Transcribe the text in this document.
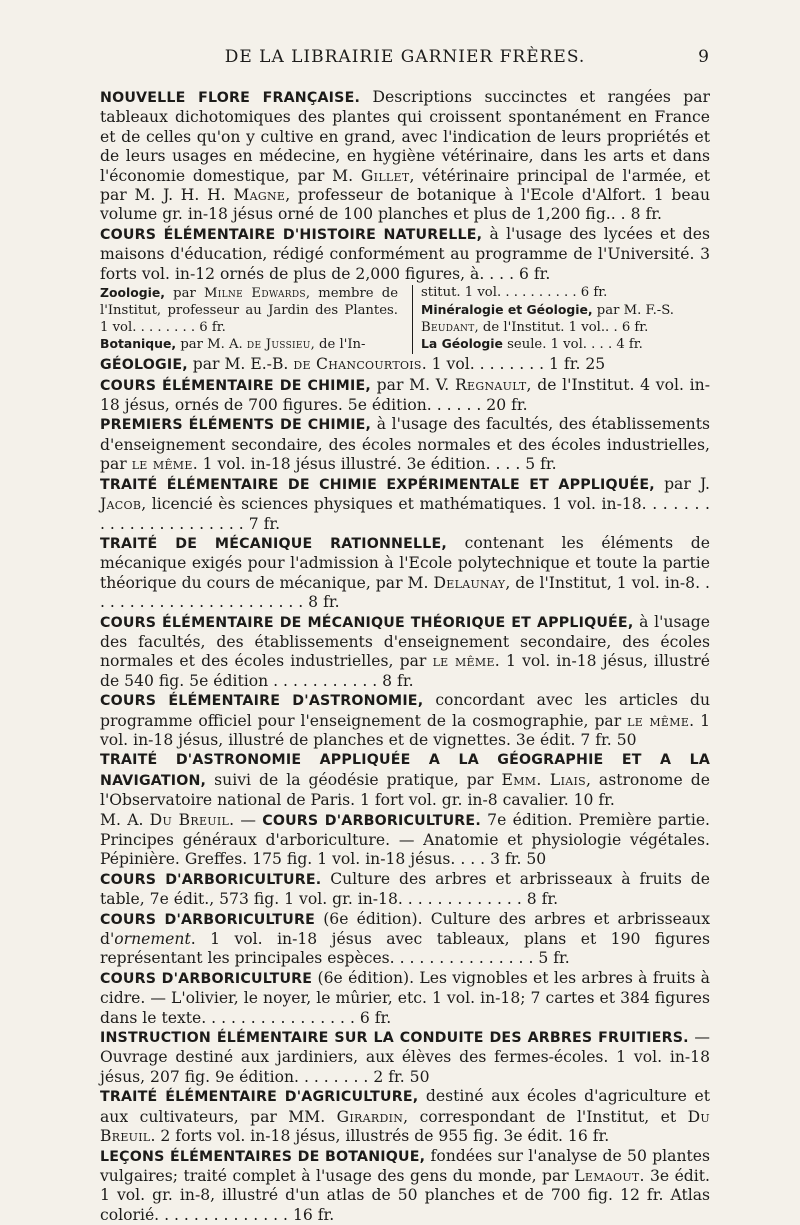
DE LA LIBRAIRIE GARNIER FRÈRES.	9

NOUVELLE FLORE FRANÇAISE. Descriptions succinctes et rangées par tableaux dichotomiques des plantes qui croissent spontanément en France et de celles qu'on y cultive en grand, avec l'indication de leurs propriétés et de leurs usages en médecine, en hygiène vétérinaire, dans les arts et dans l'économie domestique, par M. Gillet, vétérinaire principal de l'armée, et par M. J. H. H. Magne, professeur de botanique à l'Ecole d'Alfort. 1 beau volume gr. in-18 jésus orné de 100 planches et plus de 1,200 fig.. . 8 fr.

COURS ÉLÉMENTAIRE D'HISTOIRE NATURELLE, à l'usage des lycées et des maisons d'éducation, rédigé conformément au programme de l'Université. 3 forts vol. in-12 ornés de plus de 2,000 figures, à. . . . 6 fr.

Zoologie, par Milne Edwards, membre de l'Institut, professeur au Jardin des Plantes. 1 vol. . . . . . . . 6 fr.

Botanique, par M. A. de Jussieu, de l'In-

stitut. 1 vol. . . . . . . . . . 6 fr.

Minéralogie et Géologie, par M. F.-S.

Beudant, de l'Institut. 1 vol.. . 6 fr.

La Géologie seule. 1 vol. . . . 4 fr.

GÉOLOGIE, par M. E.-B. de Chancourtois. 1 vol. . . . . . . . 1 fr. 25

COURS ÉLÉMENTAIRE DE CHIMIE, par M. V. Regnault, de l'Institut. 4 vol. in-18 jésus, ornés de 700 figures. 5e édition. . . . . . 20 fr.

PREMIERS ÉLÉMENTS DE CHIMIE, à l'usage des facultés, des établissements d'enseignement secondaire, des écoles normales et des écoles industrielles, par le même. 1 vol. in-18 jésus illustré. 3e édition. . . . 5 fr.

TRAITÉ ÉLÉMENTAIRE DE CHIMIE EXPÉRIMENTALE ET APPLIQUÉE, par J. Jacob, licencié ès sciences physiques et mathématiques. 1 vol. in-18. . . . . . . . . . . . . . . . . . . . . . 7 fr.

TRAITÉ DE MÉCANIQUE RATIONNELLE, contenant les éléments de mécanique exigés pour l'admission à l'Ecole polytechnique et toute la partie théorique du cours de mécanique, par M. Delaunay, de l'Institut, 1 vol. in-8. . . . . . . . . . . . . . . . . . . . . . . 8 fr.

COURS ÉLÉMENTAIRE DE MÉCANIQUE THÉORIQUE ET APPLIQUÉE, à l'usage des facultés, des établissements d'enseignement secondaire, des écoles normales et des écoles industrielles, par le même. 1 vol. in-18 jésus, illustré de 540 fig. 5e édition . . . . . . . . . . . 8 fr.

COURS ÉLÉMENTAIRE D'ASTRONOMIE, concordant avec les articles du programme officiel pour l'enseignement de la cosmographie, par le même. 1 vol. in-18 jésus, illustré de planches et de vignettes. 3e édit. 7 fr. 50

TRAITÉ D'ASTRONOMIE APPLIQUÉE A LA GÉOGRAPHIE ET A LA NAVIGATION, suivi de la géodésie pratique, par Emm. Liais, astronome de l'Observatoire national de Paris. 1 fort vol. gr. in-8 cavalier. 10 fr.

M. A. Du Breuil. — COURS D'ARBORICULTURE. 7e édition. Première partie. Principes généraux d'arboriculture. — Anatomie et physiologie végétales. Pépinière. Greffes. 175 fig. 1 vol. in-18 jésus. . . . 3 fr. 50

COURS D'ARBORICULTURE. Culture des arbres et arbrisseaux à fruits de table, 7e édit., 573 fig. 1 vol. gr. in-18. . . . . . . . . . . . . 8 fr.

COURS D'ARBORICULTURE (6e édition). Culture des arbres et arbrisseaux d'ornement. 1 vol. in-18 jésus avec tableaux, plans et 190 figures représentant les principales espèces. . . . . . . . . . . . . . . 5 fr.

COURS D'ARBORICULTURE (6e édition). Les vignobles et les arbres à fruits à cidre. — L'olivier, le noyer, le mûrier, etc. 1 vol. in-18; 7 cartes et 384 figures dans le texte. . . . . . . . . . . . . . . . 6 fr.

INSTRUCTION ÉLÉMENTAIRE SUR LA CONDUITE DES ARBRES FRUITIERS. — Ouvrage destiné aux jardiniers, aux élèves des fermes-écoles. 1 vol. in-18 jésus, 207 fig. 9e édition. . . . . . . . 2 fr. 50

TRAITÉ ÉLÉMENTAIRE D'AGRICULTURE, destiné aux écoles d'agriculture et aux cultivateurs, par MM. Girardin, correspondant de l'Institut, et Du Breuil. 2 forts vol. in-18 jésus, illustrés de 955 fig. 3e édit. 16 fr.

LEÇONS ÉLÉMENTAIRES DE BOTANIQUE, fondées sur l'analyse de 50 plantes vulgaires; traité complet à l'usage des gens du monde, par Lemaout. 3e édit. 1 vol. gr. in-8, illustré d'un atlas de 50 planches et de 700 fig. 12 fr. Atlas colorié. . . . . . . . . . . . . . 16 fr.
